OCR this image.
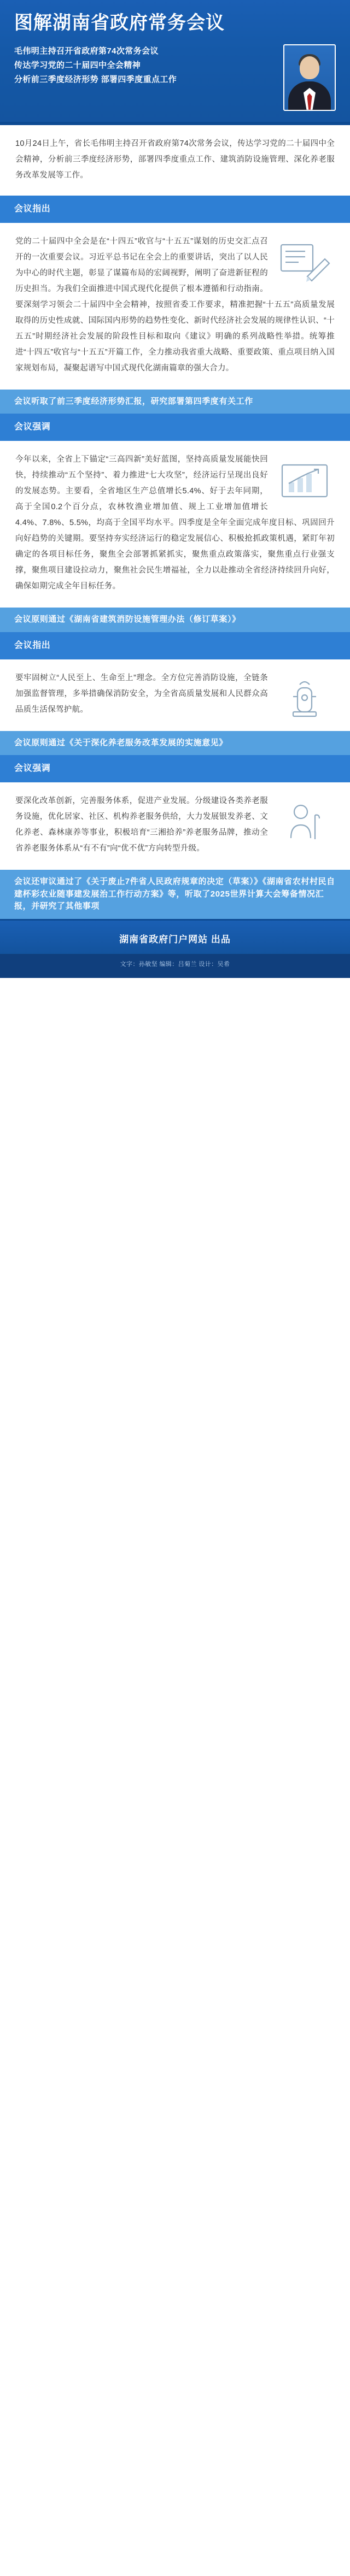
图解湖南省政府常务会议
毛伟明主持召开省政府第74次常务会议
传达学习党的二十届四中全会精神
分析前三季度经济形势 部署四季度重点工作
10月24日上午，省长毛伟明主持召开省政府第74次常务会议，传达学习党的二十届四中全会精神，分析前三季度经济形势，部署四季度重点工作、建筑消防设施管理、深化养老服务改革发展等工作。
会议指出
党的二十届四中全会是在“十四五”收官与“十五五”谋划的历史交汇点召开的一次重要会议。习近平总书记在全会上的重要讲话，突出了以人民为中心的时代主题，彰显了谋篇布局的宏阔视野，阐明了奋进新征程的历史担当。为我们全面推进中国式现代化提供了根本遵循和行动指南。要深刻学习领会二十届四中全会精神，按照省委工作要求，精准把握“十五五”高质量发展取得的历史性成就、国际国内形势的趋势性变化、新时代经济社会发展的规律性认识、“十五五”时期经济社会发展的阶段性目标和取向《建议》明确的系列战略性举措。统筹推进“十四五”收官与“十五五”开篇工作，全力推动我省重大战略、重要政策、重点项目纳入国家规划布局，凝聚起谱写中国式现代化湖南篇章的强大合力。
会议听取了前三季度经济形势汇报，研究部署第四季度有关工作
会议强调
今年以来，全省上下锚定“三高四新”美好蓝图，坚持高质量发展能快回快，持续推动“五个坚持”、着力推进“七大攻坚”，经济运行呈现出良好的发展态势。主要看，全省地区生产总值增长5.4%、好于去年同期，高于全国0.2个百分点，农林牧渔业增加值、规上工业增加值增长4.4%、7.8%、5.5%，均高于全国平均水平。四季度是全年全面完成年度目标、巩固回升向好趋势的关键期。要坚持夯实经济运行的稳定发展信心、积极抢抓政策机遇，紧盯年初确定的各项目标任务，聚焦全会部署抓紧抓实，聚焦重点政策落实，聚焦重点行业强支撑，聚焦项目建设拉动力，聚焦社会民生增福祉，全力以赴推动全省经济持续回升向好，确保如期完成全年目标任务。
会议原则通过《湖南省建筑消防设施管理办法（修订草案）》
会议指出
要牢固树立“人民至上、生命至上”理念。全方位完善消防设施，全链条加强监督管理，多举措确保消防安全，为全省高质量发展和人民群众高品质生活保驾护航。
会议原则通过《关于深化养老服务改革发展的实施意见》
会议强调
要深化改革创新，完善服务体系，促进产业发展。分级建设各类养老服务设施，优化居家、社区、机构养老服务供给，大力发展银发养老、文化养老、森林康养等事业，积极培育“三湘拾养”养老服务品牌，推动全省养老服务体系从“有不有”向“优不优”方向转型升级。
会议还审议通过了《关于废止7件省人民政府规章的决定（草案）》《湖南省农村村民自建杯彩农业随事建发展治工作行动方案》等，听取了2025世界计算大会筹备情况汇报，并研究了其他事项
湖南省政府门户网站 出品
文字：孙敏坚 编辑：吕菊兰 设计：吴希
